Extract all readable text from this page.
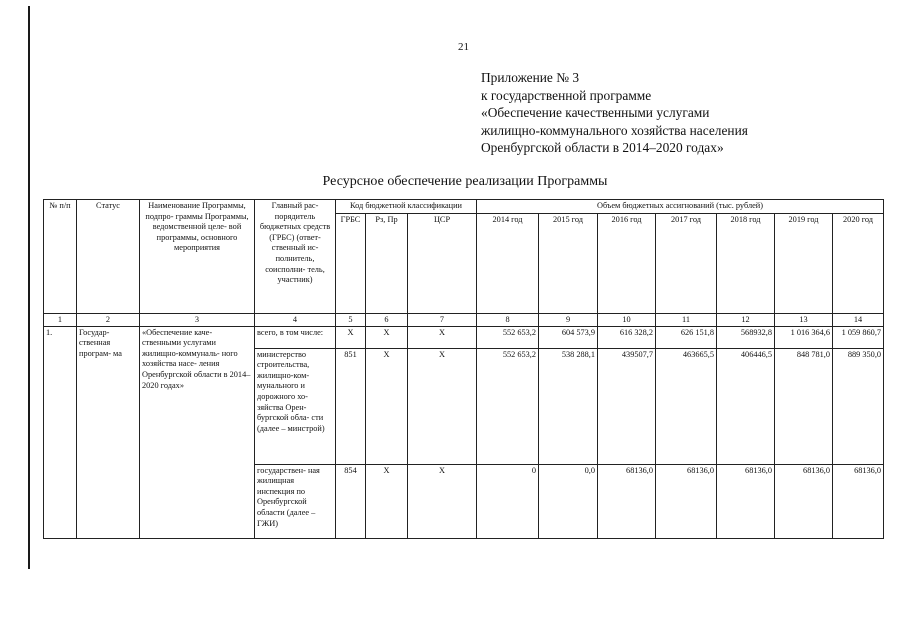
21
Приложение № 3
к государственной программе
«Обеспечение качественными услугами
жилищно-коммунального хозяйства населения
Оренбургской области в 2014–2020 годах»
Ресурсное обеспечение реализации Программы
№ п/п	Статус	Наименование Программы, подпро- граммы Программы, ведомственной целе- вой программы, основного мероприятия	Главный рас- порядитель бюджетных средств (ГРБС) (ответ- ственный ис- полнитель, соисполни- тель, участник)	Код бюджетной классификации			Объем бюджетных ассигнований (тыс. рублей)						
				ГРБС	Рз, Пр	ЦСР	2014 год	2015 год	2016 год	2017 год	2018 год	2019 год	2020 год
1	2	3	4	5	6	7	8	9	10	11	12	13	14
1.	Государ- ственная програм- ма	«Обеспечение каче- ственными услугами жилищно-коммуналь- ного хозяйства насе- ления Оренбургской области в 2014– 2020 годах»	всего, в том числе:	Х	Х	Х	552 653,2	604 573,9	616 328,2	626 151,8	568932,8	1 016 364,6	1 059 860,7
			министерство строительства, жилищно-ком- мунального и дорожного хо- зяйства Орен- бургской обла- сти (далее – минстрой)	851	Х	Х	552 653,2	538 288,1	439507,7	463665,5	406446,5	848 781,0	889 350,0
			государствен- ная жилищная инспекция по Оренбургской области (далее – ГЖИ)	854	Х	Х	0	0,0	68136,0	68136,0	68136,0	68136,0	68136,0
